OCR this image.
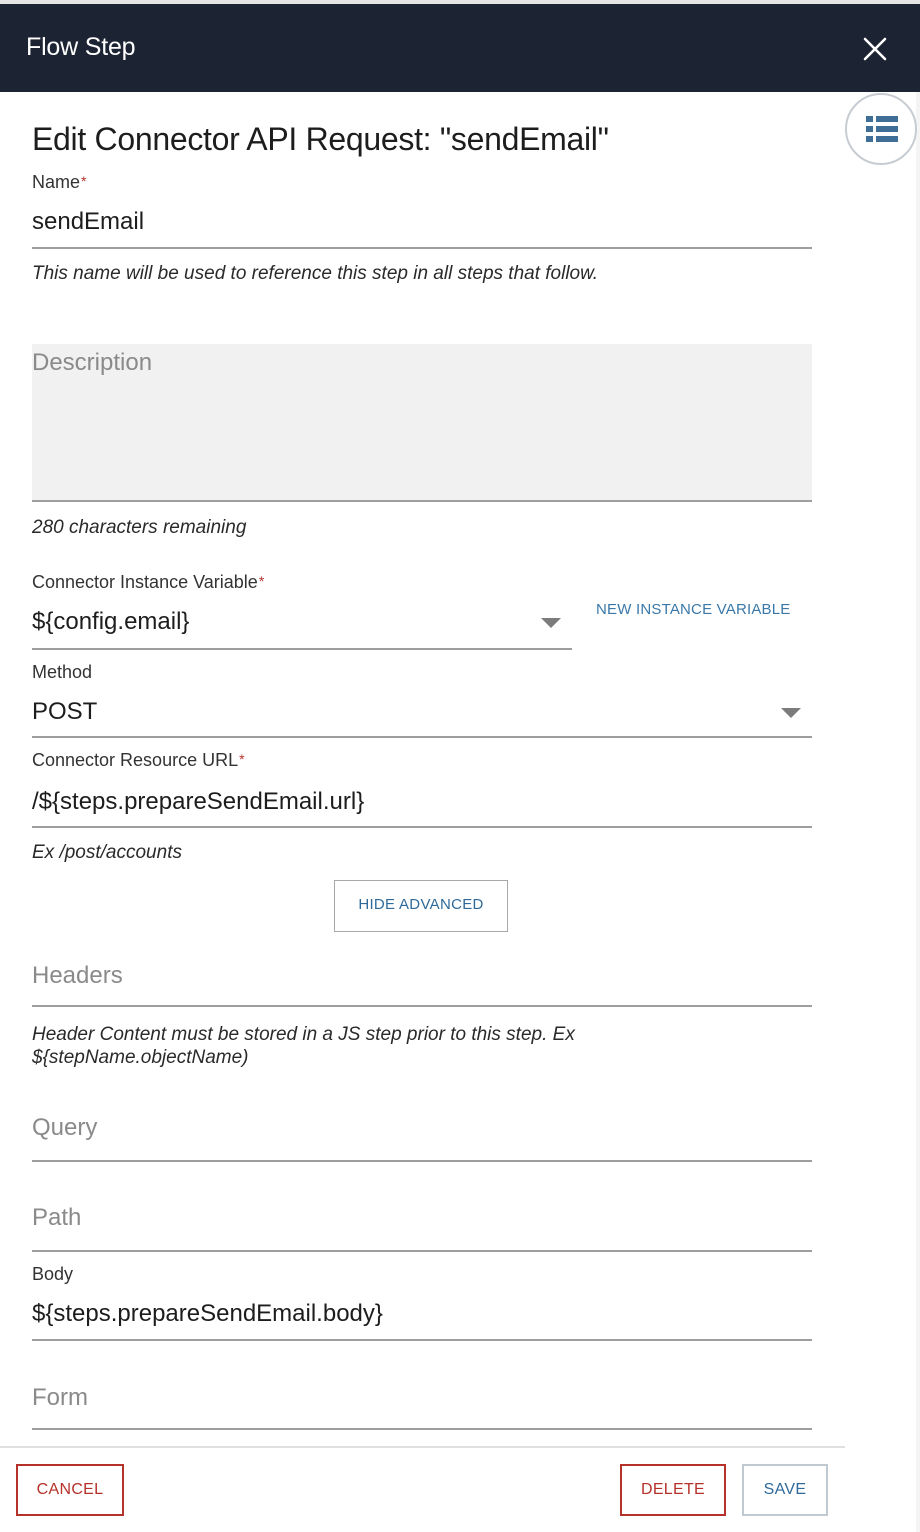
Flow Step
Edit Connector API Request: "sendEmail"
Name*
sendEmail
This name will be used to reference this step in all steps that follow.
Description
280 characters remaining
Connector Instance Variable*
${config.email}	NEW INSTANCE VARIABLE
Method
POST
Connector Resource URL*
/${steps.prepareSendEmail.url}
Ex /post/accounts
HIDE ADVANCED
Headers
Header Content must be stored in a JS step prior to this step. Ex
${stepName.objectName)
Query
Path
Body
${steps.prepareSendEmail.body}
Form
CANCEL	DELETE	SAVE
